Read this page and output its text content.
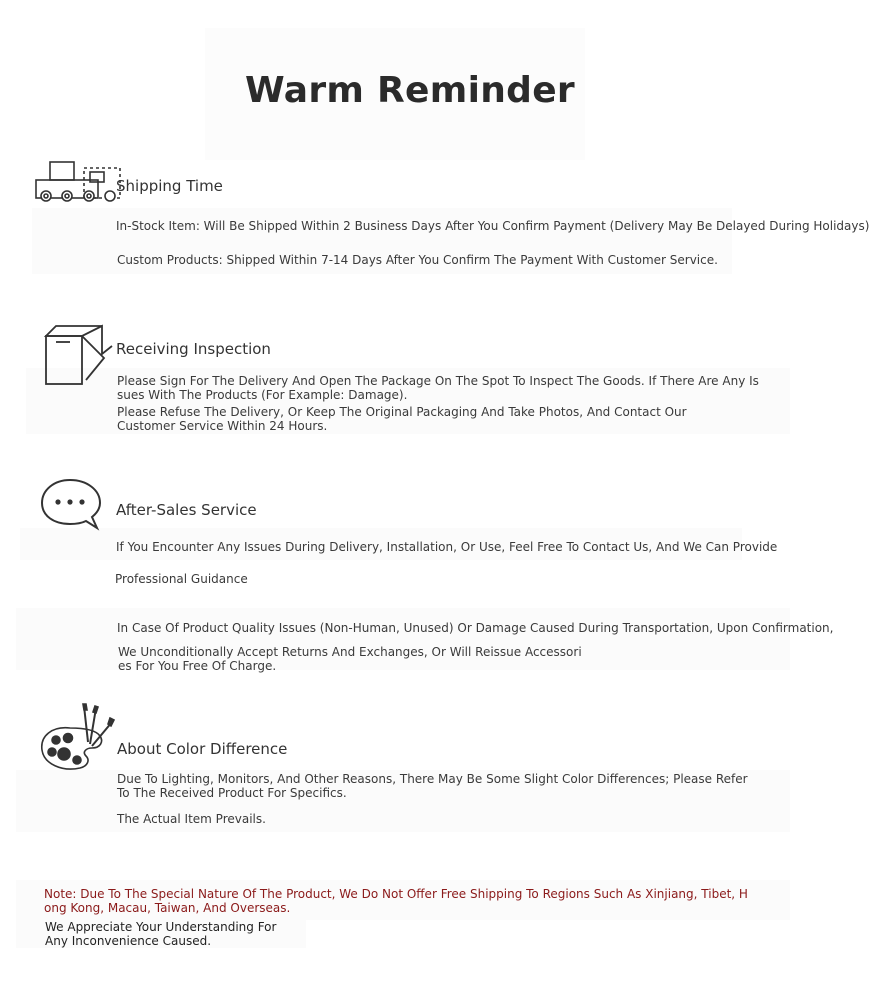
Warm Reminder
Shipping Time
In-Stock Item: Will Be Shipped Within 2 Business Days After You Confirm Payment (Delivery May Be Delayed During Holidays)
Custom Products: Shipped Within 7-14 Days After You Confirm The Payment With Customer Service.
Receiving Inspection
Please Sign For The Delivery And Open The Package On The Spot To Inspect The Goods. If There Are Any Issues With The Products (For Example: Damage).
Please Refuse The Delivery, Or Keep The Original Packaging And Take Photos, And Contact Our Customer Service Within 24 Hours.
After-Sales Service
If You Encounter Any Issues During Delivery, Installation, Or Use, Feel Free To Contact Us, And We Can Provide
Professional Guidance
In Case Of Product Quality Issues (Non-Human, Unused) Or Damage Caused During Transportation, Upon Confirmation,
We Unconditionally Accept Returns And Exchanges, Or Will Reissue Accessories For You Free Of Charge.
About Color Difference
Due To Lighting, Monitors, And Other Reasons, There May Be Some Slight Color Differences; Please Refer To The Received Product For Specifics.
The Actual Item Prevails.
Note: Due To The Special Nature Of The Product, We Do Not Offer Free Shipping To Regions Such As Xinjiang, Tibet, Hong Kong, Macau, Taiwan, And Overseas.
We Appreciate Your Understanding For Any Inconvenience Caused.
